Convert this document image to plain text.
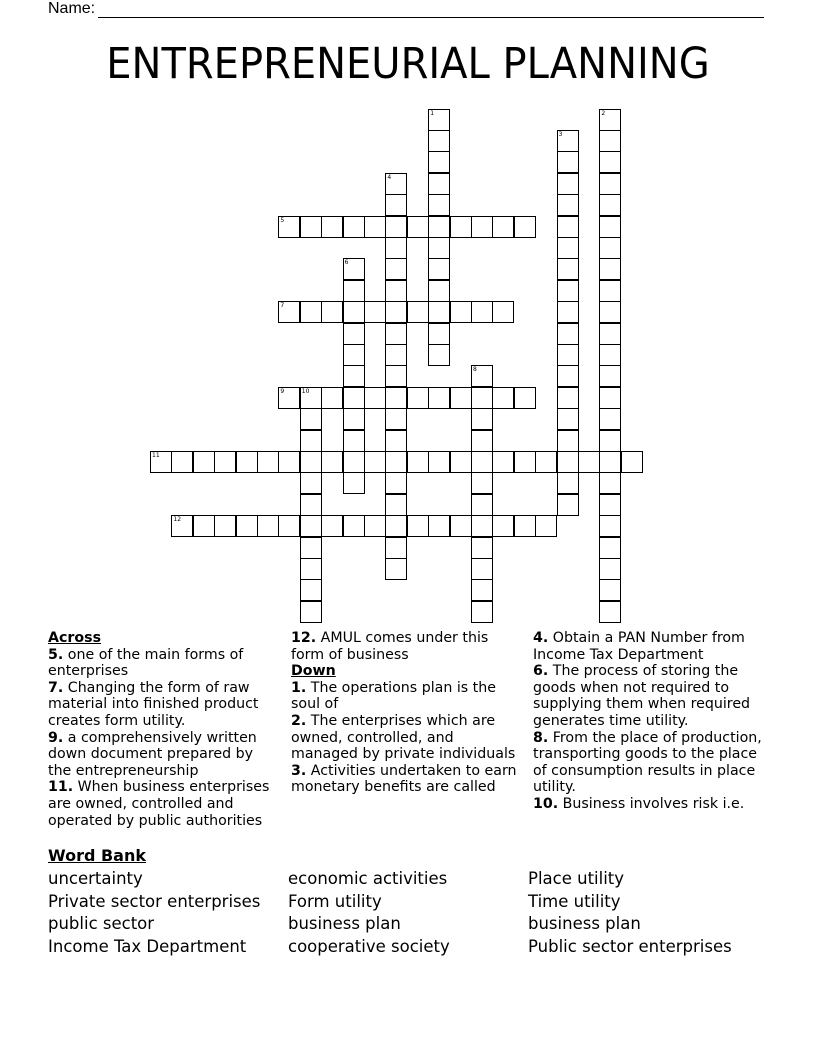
Name:
ENTREPRENEURIAL PLANNING
1	2
3
4
5
6
7
8
9	10
11
12

Across

5. one of the main forms of enterprises

7. Changing the form of raw material into finished product creates form utility.

9. a comprehensively written down document prepared by the entrepreneurship

11. When business enterprises are owned, controlled and operated by public authorities

12. AMUL comes under this form of business

Down

1. The operations plan is the soul of

2. The enterprises which are owned, controlled, and managed by private individuals

3. Activities undertaken to earn monetary benefits are called

4. Obtain a PAN Number from Income Tax Department

6. The process of storing the goods when not required to supplying them when required generates time utility.

8. From the place of production, transporting goods to the place of consumption results in place utility.

10. Business involves risk i.e.

Word Bank
uncertainty
Private sector enterprises
public sector
Income Tax Department
economic activities
Form utility
business plan
cooperative society
Place utility
Time utility
business plan
Public sector enterprises
